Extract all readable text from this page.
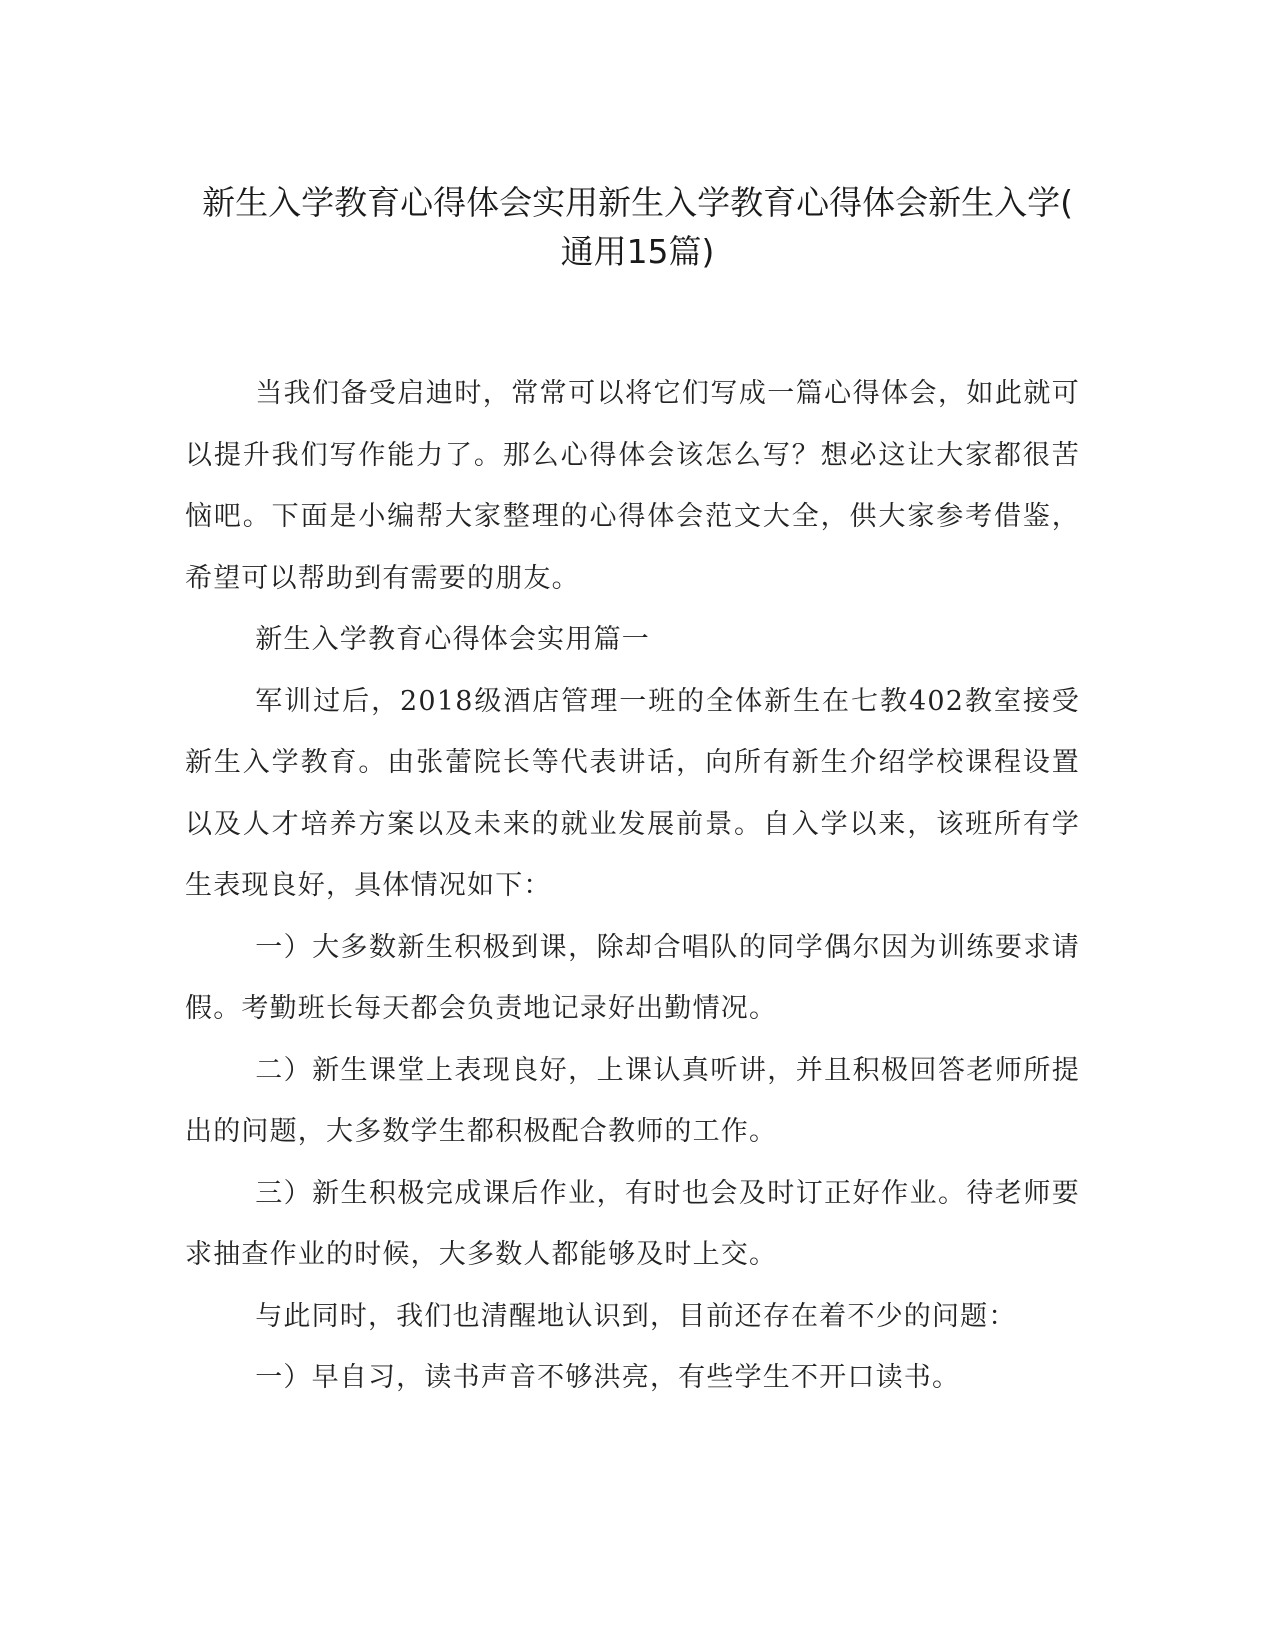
新生入学教育心得体会实用新生入学教育心得体会新生入学(
通用15篇)

当我们备受启迪时，常常可以将它们写成一篇心得体会，如此就可以提升我们写作能力了。那么心得体会该怎么写？想必这让大家都很苦恼吧。下面是小编帮大家整理的心得体会范文大全，供大家参考借鉴，希望可以帮助到有需要的朋友。

新生入学教育心得体会实用篇一

军训过后，2018级酒店管理一班的全体新生在七教402教室接受新生入学教育。由张蕾院长等代表讲话，向所有新生介绍学校课程设置以及人才培养方案以及未来的就业发展前景。自入学以来，该班所有学生表现良好，具体情况如下：

一）大多数新生积极到课，除却合唱队的同学偶尔因为训练要求请假。考勤班长每天都会负责地记录好出勤情况。

二）新生课堂上表现良好，上课认真听讲，并且积极回答老师所提出的问题，大多数学生都积极配合教师的工作。

三）新生积极完成课后作业，有时也会及时订正好作业。待老师要求抽查作业的时候，大多数人都能够及时上交。

与此同时，我们也清醒地认识到，目前还存在着不少的问题：

一）早自习，读书声音不够洪亮，有些学生不开口读书。
